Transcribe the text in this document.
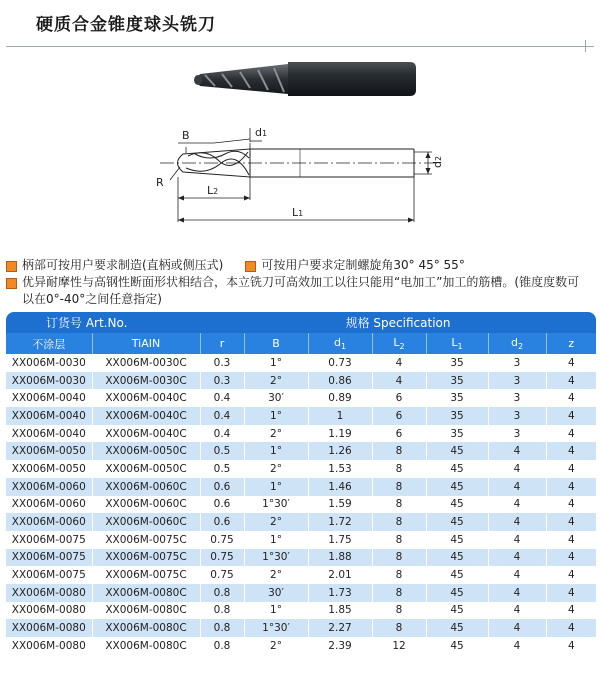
硬质合金锥度球头铣刀
B	d1
R
L2
L1
d2
柄部可按用户要求制造(直柄或侧压式)	可按用户要求定制螺旋角30° 45° 55°
优异耐摩性与高钢性断面形状相结合，本立铣刀可高效加工以往只能用“电加工”加工的筋槽。(锥度度数可以在0°-40°之间任意指定)
订货号 Art.No.		规格 Specification						
不涂层	TiAIN	r	B	$d_1$	$L_2$	$L_1$	$d_2$	z
XX006M-0030	XX006M-0030C	0.3	1°	0.73	4	35	3	4
XX006M-0030	XX006M-0030C	0.3	2°	0.86	4	35	3	4
XX006M-0040	XX006M-0040C	0.4	30′	0.89	6	35	3	4
XX006M-0040	XX006M-0040C	0.4	1°	1	6	35	3	4
XX006M-0040	XX006M-0040C	0.4	2°	1.19	6	35	3	4
XX006M-0050	XX006M-0050C	0.5	1°	1.26	8	45	4	4
XX006M-0050	XX006M-0050C	0.5	2°	1.53	8	45	4	4
XX006M-0060	XX006M-0060C	0.6	1°	1.46	8	45	4	4
XX006M-0060	XX006M-0060C	0.6	1°30′	1.59	8	45	4	4
XX006M-0060	XX006M-0060C	0.6	2°	1.72	8	45	4	4
XX006M-0075	XX006M-0075C	0.75	1°	1.75	8	45	4	4
XX006M-0075	XX006M-0075C	0.75	1°30′	1.88	8	45	4	4
XX006M-0075	XX006M-0075C	0.75	2°	2.01	8	45	4	4
XX006M-0080	XX006M-0080C	0.8	30′	1.73	8	45	4	4
XX006M-0080	XX006M-0080C	0.8	1°	1.85	8	45	4	4
XX006M-0080	XX006M-0080C	0.8	1°30′	2.27	8	45	4	4
XX006M-0080	XX006M-0080C	0.8	2°	2.39	12	45	4	4
